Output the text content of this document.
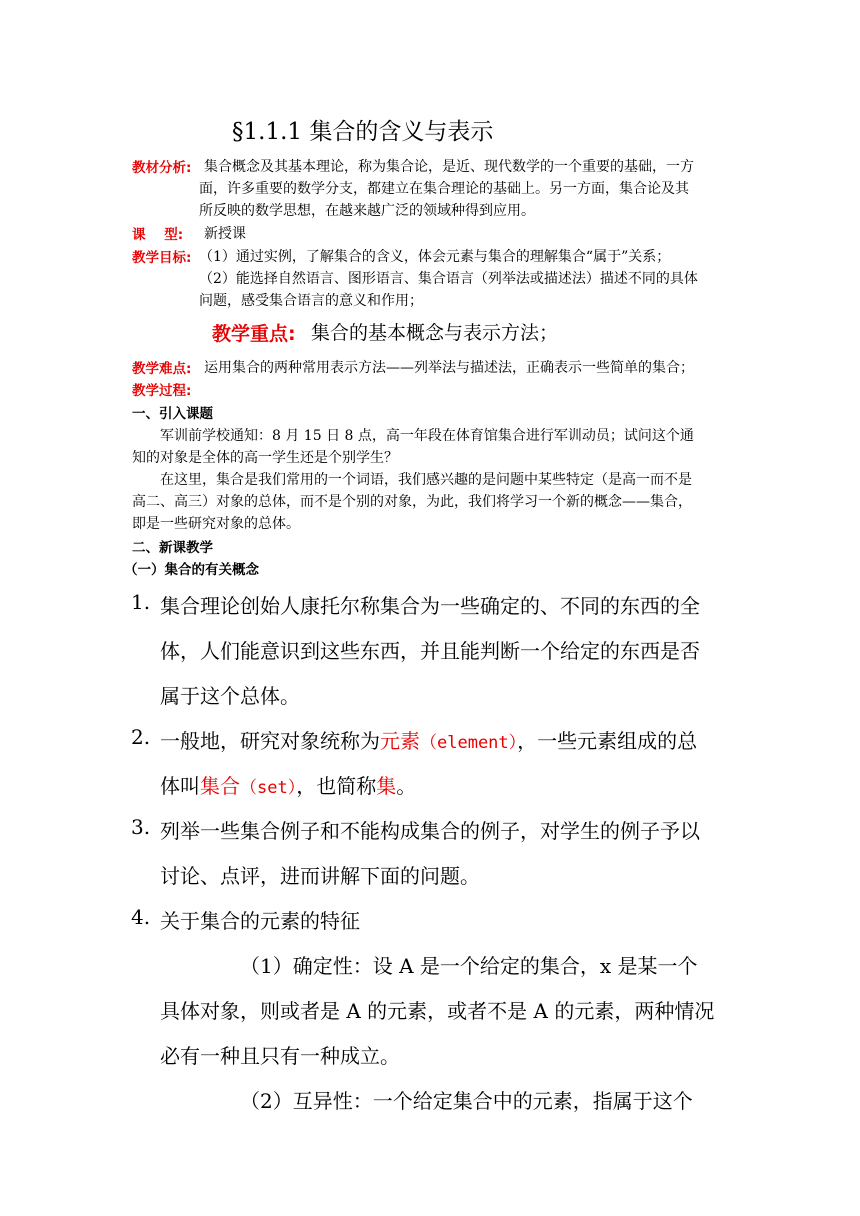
§1.1.1 集合的含义与表示
教材分析: 集合概念及其基本理论，称为集合论，是近、现代数学的一个重要的基础，一方
面，许多重要的数学分支，都建立在集合理论的基础上。另一方面，集合论及其
所反映的数学思想，在越来越广泛的领域种得到应用。
课    型: 新授课
教学目标: （1）通过实例，了解集合的含义，体会元素与集合的理解集合“属于”关系；
（2）能选择自然语言、图形语言、集合语言（列举法或描述法）描述不同的具体
问题，感受集合语言的意义和作用；
教学重点: 集合的基本概念与表示方法；
教学难点: 运用集合的两种常用表示方法——列举法与描述法，正确表示一些简单的集合；
教学过程:
一、引入课题
军训前学校通知：8 月 15 日 8 点，高一年段在体育馆集合进行军训动员；试问这个通
知的对象是全体的高一学生还是个别学生？
在这里，集合是我们常用的一个词语，我们感兴趣的是问题中某些特定（是高一而不是
高二、高三）对象的总体，而不是个别的对象，为此，我们将学习一个新的概念——集合，
即是一些研究对象的总体。
二、新课教学
（一）集合的有关概念
1. 集合理论创始人康托尔称集合为一些确定的、不同的东西的全
体，人们能意识到这些东西，并且能判断一个给定的东西是否
属于这个总体。
2. 一般地，研究对象统称为元素（element），一些元素组成的总
体叫集合（set），也简称集。
3. 列举一些集合例子和不能构成集合的例子，对学生的例子予以
讨论、点评，进而讲解下面的问题。
4. 关于集合的元素的特征
（1）确定性：设 A 是一个给定的集合，x 是某一个
具体对象，则或者是 A 的元素，或者不是 A 的元素，两种情况
必有一种且只有一种成立。
（2）互异性：一个给定集合中的元素，指属于这个
